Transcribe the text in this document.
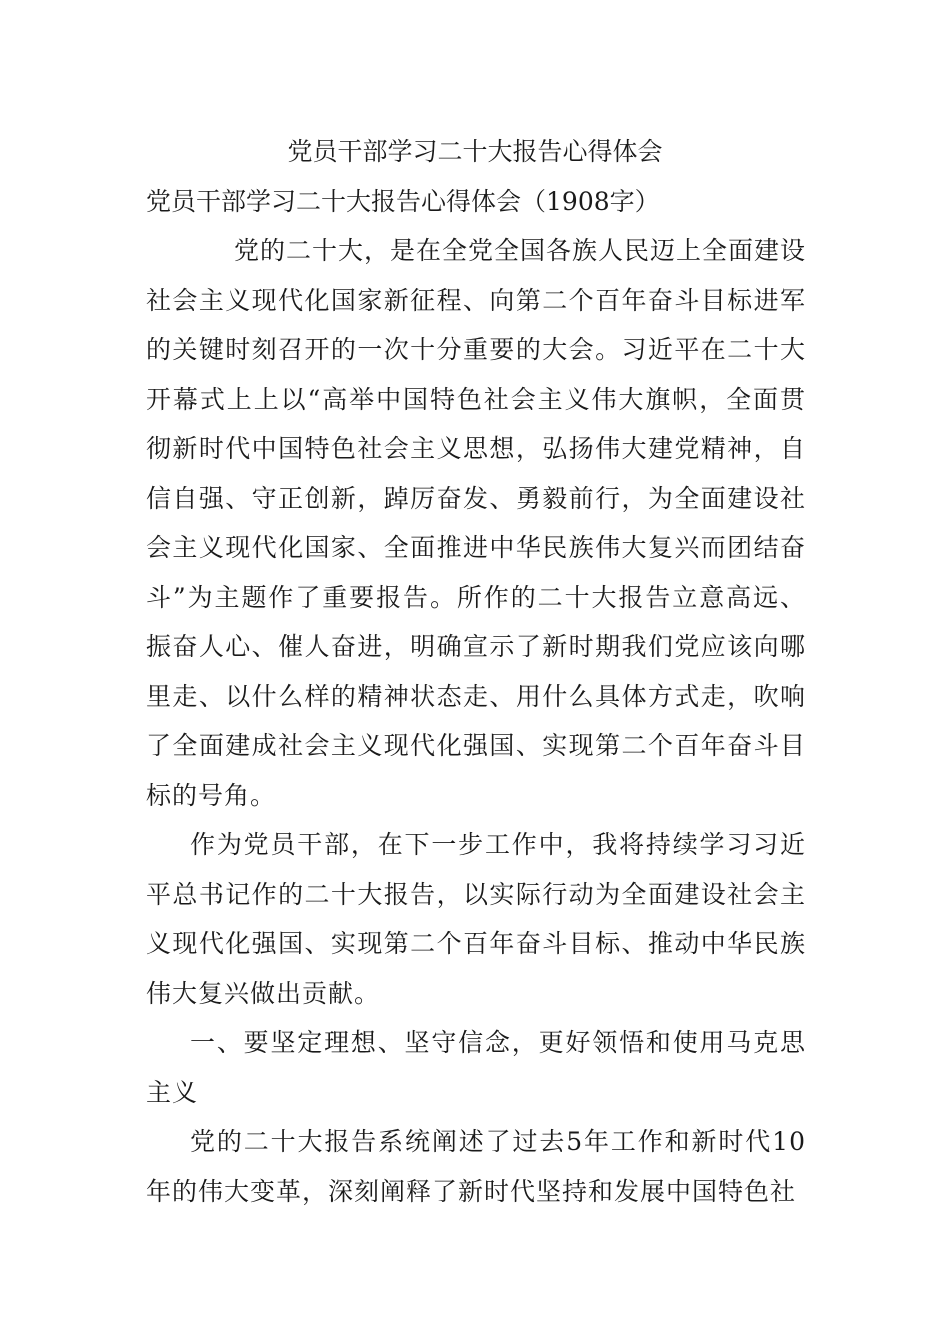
党员干部学习二十大报告心得体会
党员干部学习二十大报告心得体会（1908字）

党的二十大，是在全党全国各族人民迈上全面建设社会主义现代化国家新征程、向第二个百年奋斗目标进军的关键时刻召开的一次十分重要的大会。习近平在二十大开幕式上上以“高举中国特色社会主义伟大旗帜，全面贯彻新时代中国特色社会主义思想，弘扬伟大建党精神，自信自强、守正创新，踔厉奋发、勇毅前行，为全面建设社会主义现代化国家、全面推进中华民族伟大复兴而团结奋斗”为主题作了重要报告。所作的二十大报告立意高远、振奋人心、催人奋进，明确宣示了新时期我们党应该向哪里走、以什么样的精神状态走、用什么具体方式走，吹响了全面建成社会主义现代化强国、实现第二个百年奋斗目标的号角。

作为党员干部，在下一步工作中，我将持续学习习近平总书记作的二十大报告，以实际行动为全面建设社会主义现代化强国、实现第二个百年奋斗目标、推动中华民族伟大复兴做出贡献。

一、要坚定理想、坚守信念，更好领悟和使用马克思主义

党的二十大报告系统阐述了过去5年工作和新时代10年的伟大变革，深刻阐释了新时代坚持和发展中国特色社
